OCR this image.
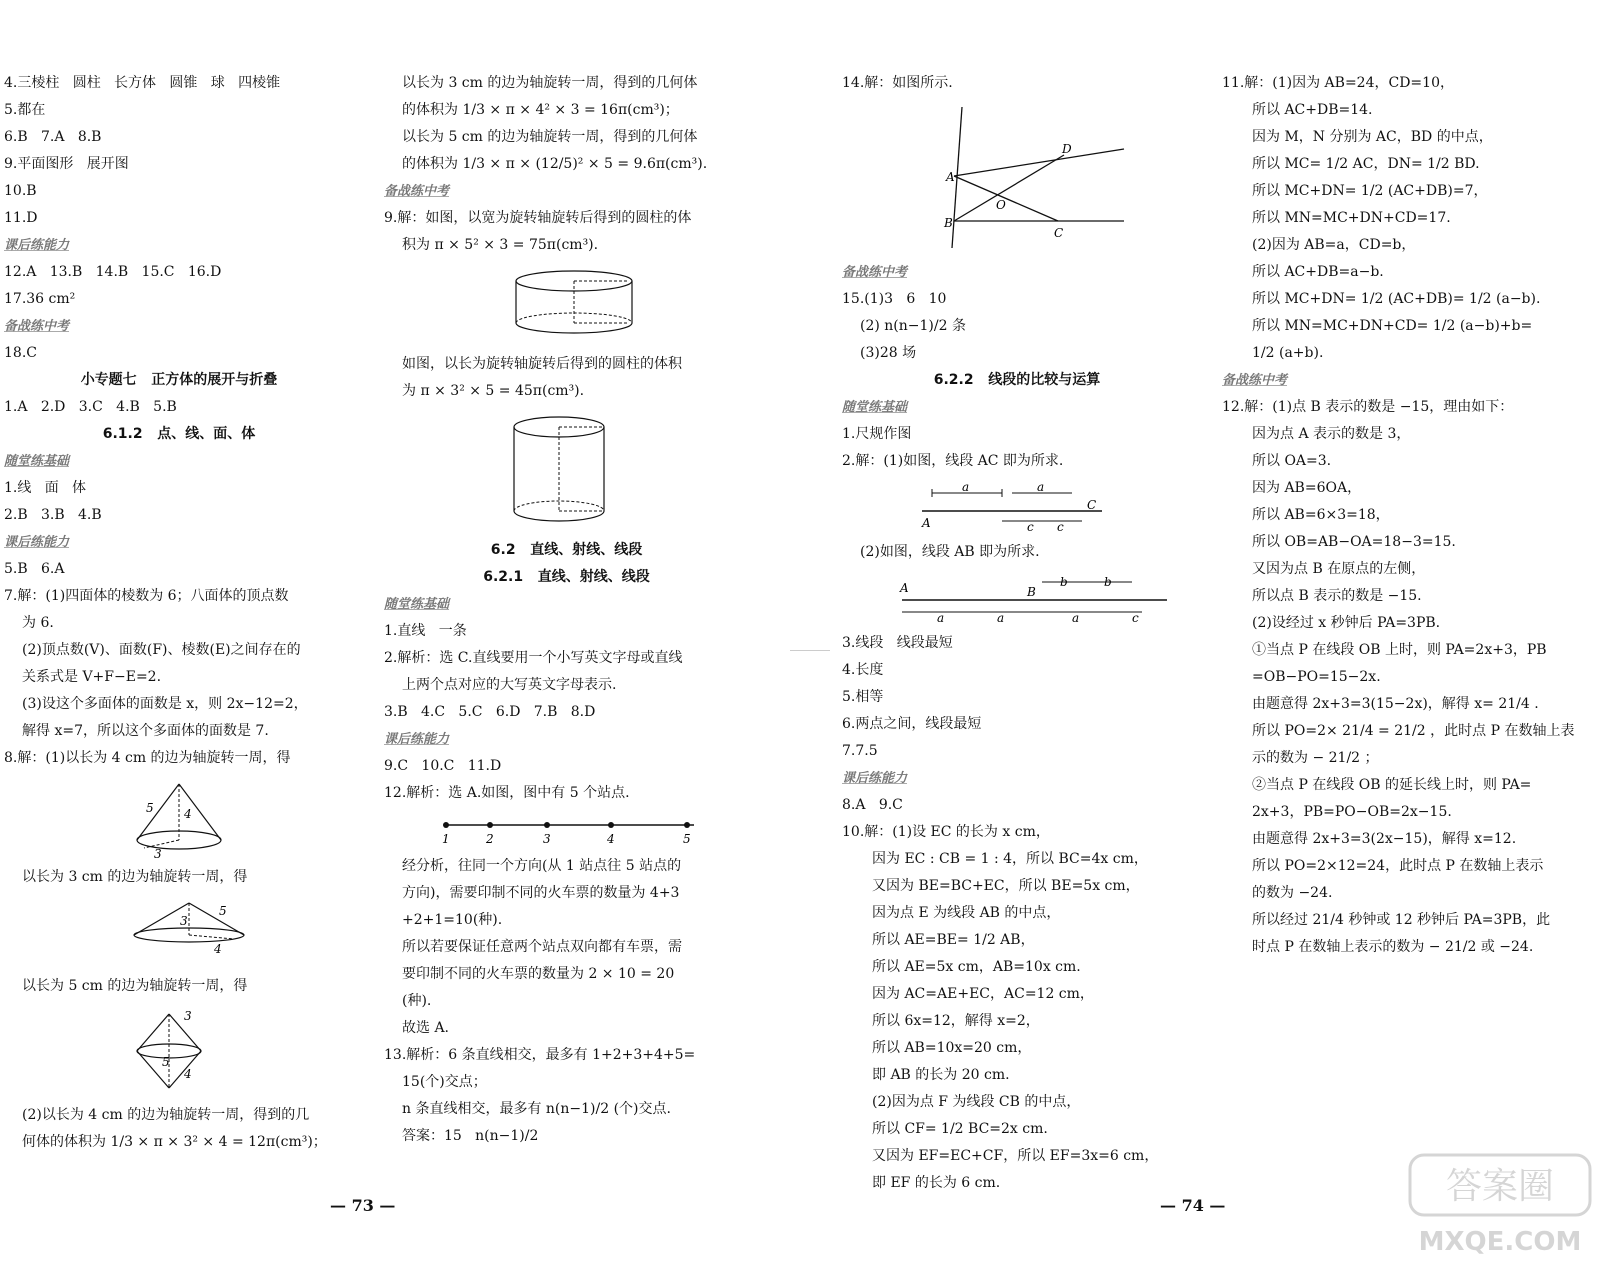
4.三棱柱   圆柱   长方体   圆锥   球   四棱锥

5.都在

6.B   7.A   8.B

9.平面图形   展开图

10.B

11.D

课后练能力

12.A   13.B   14.B   15.C   16.D

17.36 cm²

备战练中考

18.C

小专题七   正方体的展开与折叠

1.A   2.D   3.C   4.B   5.B

6.1.2   点、线、面、体

随堂练基础

1.线   面   体

2.B   3.B   4.B

课后练能力

5.B   6.A

7.解：(1)四面体的棱数为 6；八面体的顶点数

为 6.

(2)顶点数(V)、面数(F)、棱数(E)之间存在的

关系式是 V+F−E=2.

(3)设这个多面体的面数是 x，则 2x−12=2，

解得 x=7，所以这个多面体的面数是 7.

8.解：(1)以长为 4 cm 的边为轴旋转一周，得

5	4
3

以长为 3 cm 的边为轴旋转一周，得

3
5
4

以长为 5 cm 的边为轴旋转一周，得

3
5
4

(2)以长为 4 cm 的边为轴旋转一周，得到的几

何体的体积为 1/3 × π × 3² × 4 = 12π(cm³)；

以长为 3 cm 的边为轴旋转一周，得到的几何体

的体积为 1/3 × π × 4² × 3 = 16π(cm³)；

以长为 5 cm 的边为轴旋转一周，得到的几何体

的体积为 1/3 × π × (12/5)² × 5 = 9.6π(cm³).

备战练中考

9.解：如图，以宽为旋转轴旋转后得到的圆柱的体

积为 π × 5² × 3 = 75π(cm³).

如图，以长为旋转轴旋转后得到的圆柱的体积

为 π × 3² × 5 = 45π(cm³).

6.2   直线、射线、线段

6.2.1   直线、射线、线段

随堂练基础

1.直线   一条

2.解析：选 C.直线要用一个小写英文字母或直线

上两个点对应的大写英文字母表示.

3.B   4.C   5.C   6.D   7.B   8.D

课后练能力

9.C   10.C   11.D

12.解析：选 A.如图，图中有 5 个站点.

1	2	3	4	5

经分析，往同一个方向(从 1 站点往 5 站点的

方向)，需要印制不同的火车票的数量为 4+3

+2+1=10(种).

所以若要保证任意两个站点双向都有车票，需

要印制不同的火车票的数量为 2 × 10 = 20

(种).

故选 A.

13.解析：6 条直线相交，最多有 1+2+3+4+5=

15(个)交点；

n 条直线相交，最多有 n(n−1)/2 (个)交点.

答案：15   n(n−1)/2

14.解：如图所示.

A
B
O
D
C

备战练中考

15.(1)3   6   10

(2) n(n−1)/2 条

(3)28 场

6.2.2   线段的比较与运算

随堂练基础

1.尺规作图

2.解：(1)如图，线段 AC 即为所求.

a	a
A	c c
C

(2)如图，线段 AB 即为所求.

A	B
b	b
a	a	a	c

3.线段   线段最短

4.长度

5.相等

6.两点之间，线段最短

7.7.5

课后练能力

8.A   9.C

10.解：(1)设 EC 的长为 x cm，

因为 EC : CB = 1 : 4，所以 BC=4x cm，

又因为 BE=BC+EC，所以 BE=5x cm，

因为点 E 为线段 AB 的中点，

所以 AE=BE= 1/2 AB，

所以 AE=5x cm，AB=10x cm.

因为 AC=AE+EC，AC=12 cm，

所以 6x=12，解得 x=2，

所以 AB=10x=20 cm，

即 AB 的长为 20 cm.

(2)因为点 F 为线段 CB 的中点，

所以 CF= 1/2 BC=2x cm.

又因为 EF=EC+CF，所以 EF=3x=6 cm，

即 EF 的长为 6 cm.

11.解：(1)因为 AB=24，CD=10，

所以 AC+DB=14.

因为 M，N 分别为 AC，BD 的中点，

所以 MC= 1/2 AC，DN= 1/2 BD.

所以 MC+DN= 1/2 (AC+DB)=7，

所以 MN=MC+DN+CD=17.

(2)因为 AB=a，CD=b，

所以 AC+DB=a−b.

所以 MC+DN= 1/2 (AC+DB)= 1/2 (a−b).

所以 MN=MC+DN+CD= 1/2 (a−b)+b=

1/2 (a+b).

备战练中考

12.解：(1)点 B 表示的数是 −15，理由如下：

因为点 A 表示的数是 3，

所以 OA=3.

因为 AB=6OA，

所以 AB=6×3=18，

所以 OB=AB−OA=18−3=15.

又因为点 B 在原点的左侧，

所以点 B 表示的数是 −15.

(2)设经过 x 秒钟后 PA=3PB.

①当点 P 在线段 OB 上时，则 PA=2x+3，PB

=OB−PO=15−2x.

由题意得 2x+3=3(15−2x)，解得 x= 21/4 .

所以 PO=2× 21/4 = 21/2 ，此时点 P 在数轴上表

示的数为 − 21/2 ；

②当点 P 在线段 OB 的延长线上时，则 PA=

2x+3，PB=PO−OB=2x−15.

由题意得 2x+3=3(2x−15)，解得 x=12.

所以 PO=2×12=24，此时点 P 在数轴上表示

的数为 −24.

所以经过 21/4 秒钟或 12 秒钟后 PA=3PB，此

时点 P 在数轴上表示的数为 − 21/2 或 −24.

— 73 —	— 74 —	答案圈
MXQE.COM
